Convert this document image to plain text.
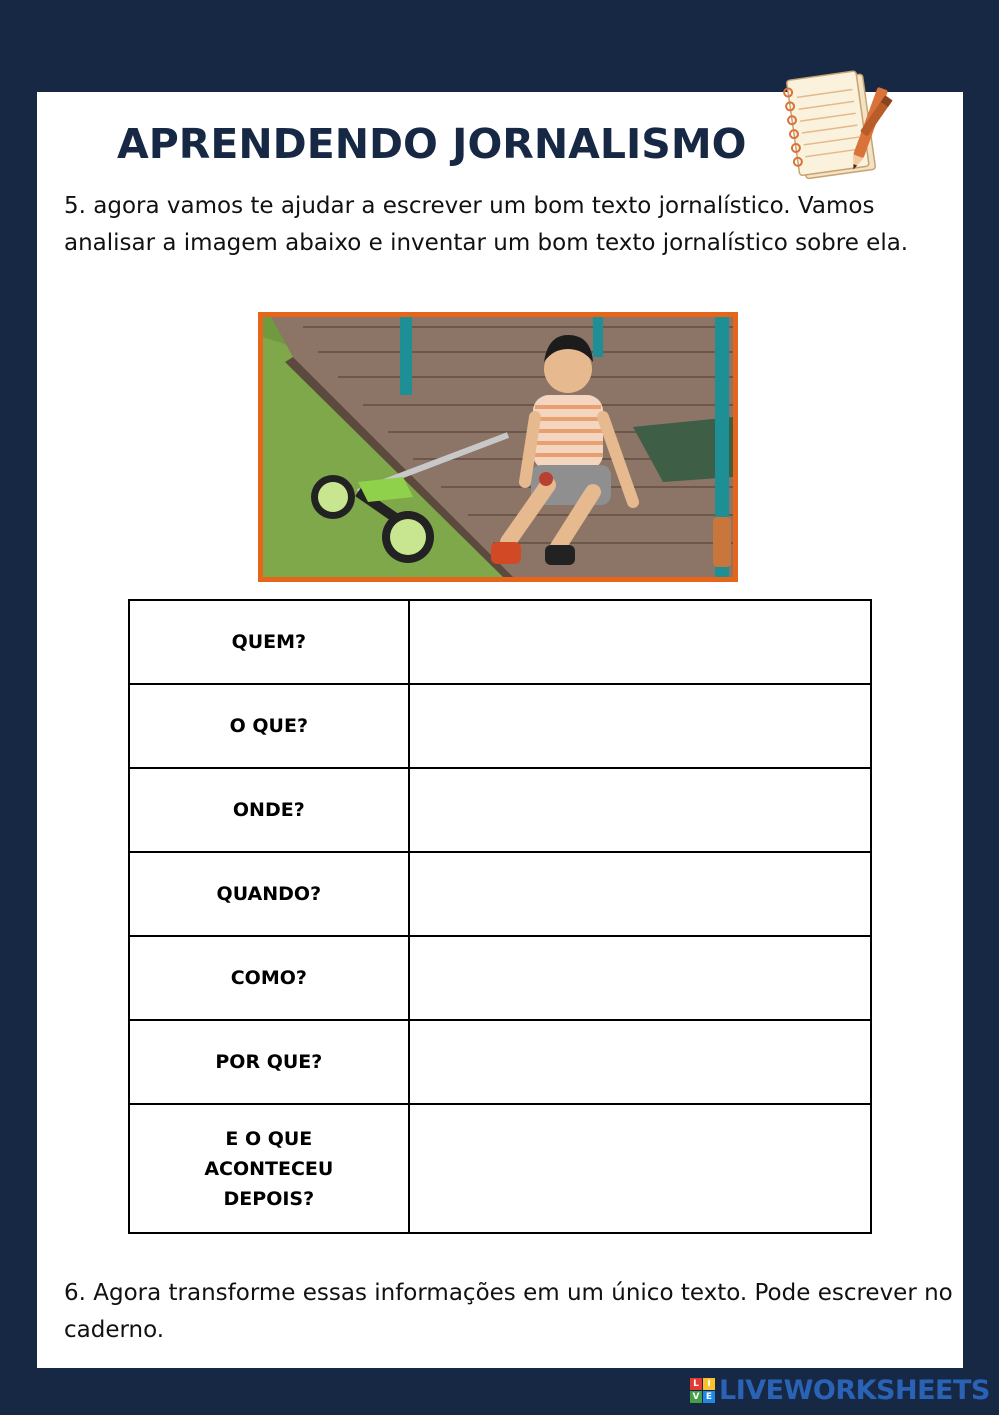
APRENDENDO JORNALISMO

5. agora vamos te ajudar a escrever um bom texto jornalístico. Vamos analisar a imagem abaixo e inventar um bom texto jornalístico sobre ela.

QUEM?	
O QUE?	
ONDE?	
QUANDO?	
COMO?	
POR QUE?	
E O QUE ACONTECEU DEPOIS?	

6. Agora transforme essas informações em um único texto. Pode escrever no caderno.

L I
V E LIVEWORKSHEETS
